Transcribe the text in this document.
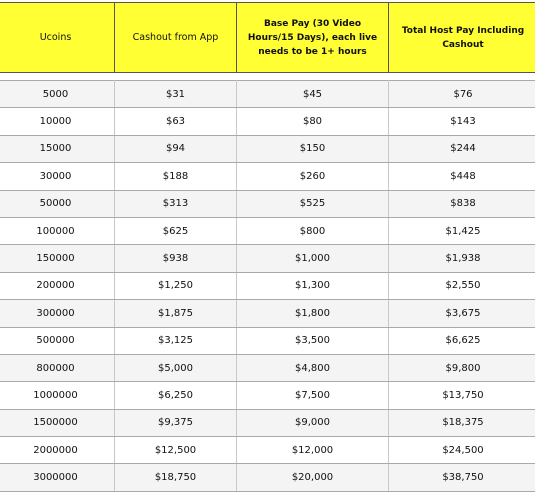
Ucoins	Cashout from App	Base Pay (30 Video Hours/15 Days), each live needs to be 1+ hours	Total Host Pay Including Cashout

5000	$31	$45	$76
10000	$63	$80	$143
15000	$94	$150	$244
30000	$188	$260	$448
50000	$313	$525	$838
100000	$625	$800	$1,425
150000	$938	$1,000	$1,938
200000	$1,250	$1,300	$2,550
300000	$1,875	$1,800	$3,675
500000	$3,125	$3,500	$6,625
800000	$5,000	$4,800	$9,800
1000000	$6,250	$7,500	$13,750
1500000	$9,375	$9,000	$18,375
2000000	$12,500	$12,000	$24,500
3000000	$18,750	$20,000	$38,750
